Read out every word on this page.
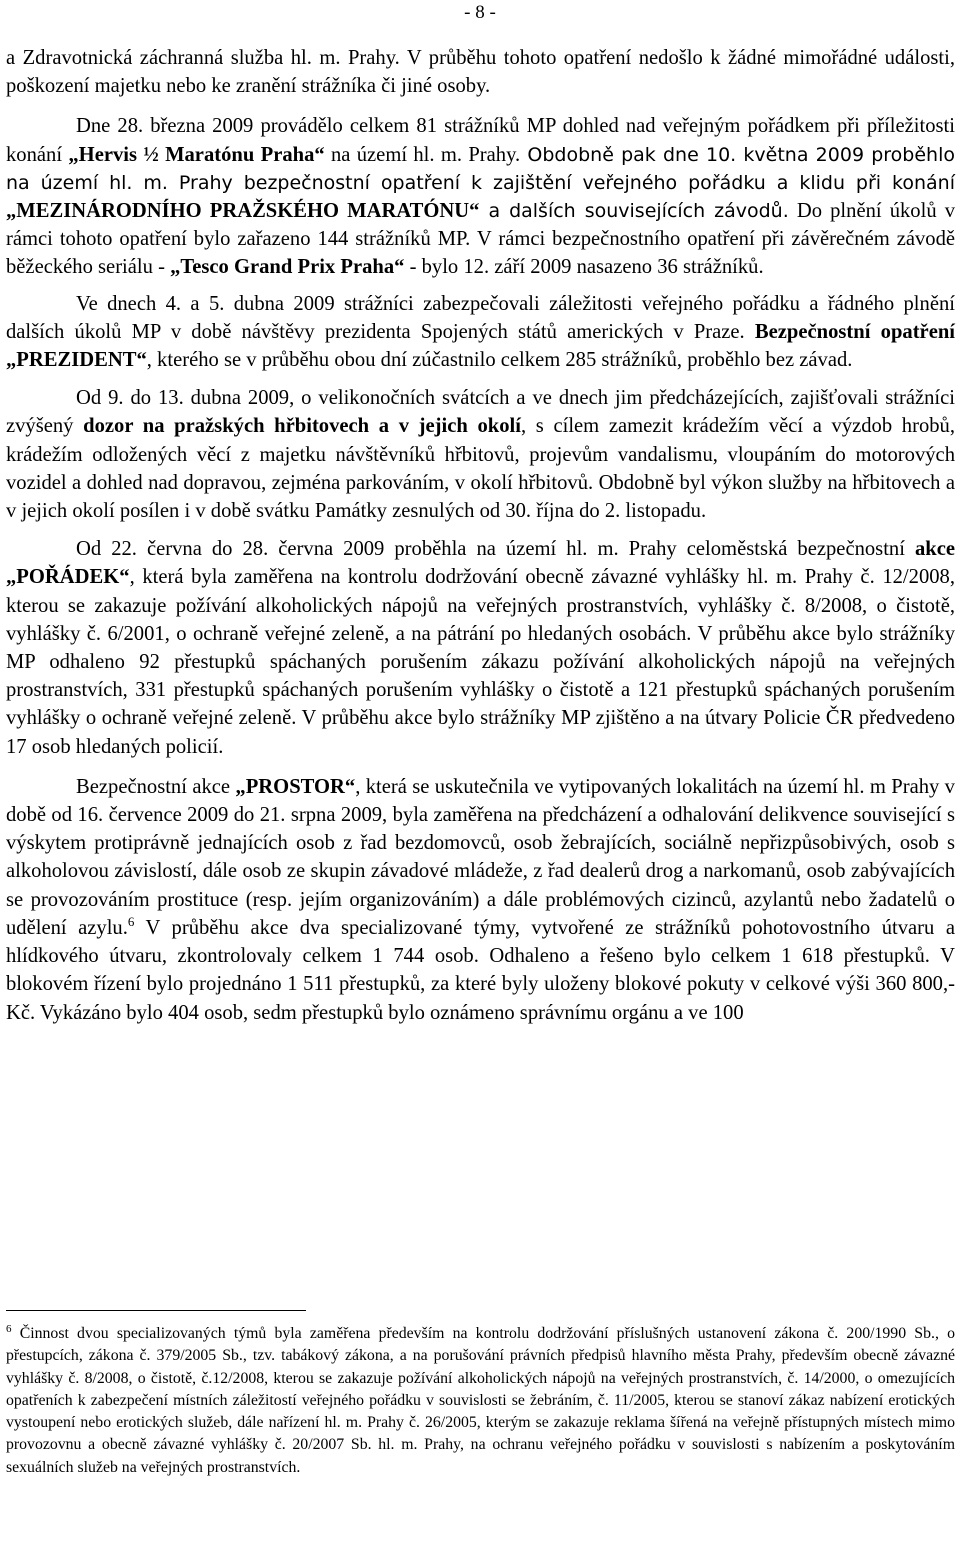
- 8 -

a Zdravotnická záchranná služba hl. m. Prahy. V průběhu tohoto opatření nedošlo k žádné mimořádné události, poškození majetku nebo ke zranění strážníka či jiné osoby.

Dne 28. března 2009 provádělo celkem 81 strážníků MP dohled nad veřejným pořádkem při příležitosti konání „Hervis ½ Maratónu Praha“ na území hl. m. Prahy. Obdobně pak dne 10. května 2009 proběhlo na území hl. m. Prahy bezpečnostní opatření k zajištění veřejného pořádku a klidu při konání „MEZINÁRODNÍHO PRAŽSKÉHO MARATÓNU“ a dalších souvisejících závodů. Do plnění úkolů v rámci tohoto opatření bylo zařazeno 144 strážníků MP. V rámci bezpečnostního opatření při závěrečném závodě běžeckého seriálu - „Tesco Grand Prix Praha“ - bylo 12. září 2009 nasazeno 36 strážníků.

Ve dnech 4. a 5. dubna 2009 strážníci zabezpečovali záležitosti veřejného pořádku a řádného plnění dalších úkolů MP v době návštěvy prezidenta Spojených států amerických v Praze. Bezpečnostní opatření „PREZIDENT“, kterého se v průběhu obou dní zúčastnilo celkem 285 strážníků, proběhlo bez závad.

Od 9. do 13. dubna 2009, o velikonočních svátcích a ve dnech jim předcházejících, zajišťovali strážníci zvýšený dozor na pražských hřbitovech a v jejich okolí, s cílem zamezit krádežím věcí a výzdob hrobů, krádežím odložených věcí z majetku návštěvníků hřbitovů, projevům vandalismu, vloupáním do motorových vozidel a dohled nad dopravou, zejména parkováním, v okolí hřbitovů. Obdobně byl výkon služby na hřbitovech a v jejich okolí posílen i v době svátku Památky zesnulých od 30. října do 2. listopadu.

Od 22. června do 28. června 2009 proběhla na území hl. m. Prahy celoměstská bezpečnostní akce „POŘÁDEK“, která byla zaměřena na kontrolu dodržování obecně závazné vyhlášky hl. m. Prahy č. 12/2008, kterou se zakazuje požívání alkoholických nápojů na veřejných prostranstvích, vyhlášky č. 8/2008, o čistotě, vyhlášky č. 6/2001, o ochraně veřejné zeleně, a na pátrání po hledaných osobách. V průběhu akce bylo strážníky MP odhaleno 92 přestupků spáchaných porušením zákazu požívání alkoholických nápojů na veřejných prostranstvích, 331 přestupků spáchaných porušením vyhlášky o čistotě a 121 přestupků spáchaných porušením vyhlášky o ochraně veřejné zeleně. V průběhu akce bylo strážníky MP zjištěno a na útvary Policie ČR předvedeno 17 osob hledaných policií.

Bezpečnostní akce „PROSTOR“, která se uskutečnila ve vytipovaných lokalitách na území hl. m Prahy v době od 16. července 2009 do 21. srpna 2009, byla zaměřena na předcházení a odhalování delikvence související s výskytem protiprávně jednajících osob z řad bezdomovců, osob žebrajících, sociálně nepřizpůsobivých, osob s alkoholovou závislostí, dále osob ze skupin závadové mládeže, z řad dealerů drog a narkomanů, osob zabývajících se provozováním prostituce (resp. jejím organizováním) a dále problémových cizinců, azylantů nebo žadatelů o udělení azylu.$^6$ V průběhu akce dva specializované týmy, vytvořené ze strážníků pohotovostního útvaru a hlídkového útvaru, zkontrolovaly celkem 1 744 osob. Odhaleno a řešeno bylo celkem 1 618 přestupků. V blokovém řízení bylo projednáno 1 511 přestupků, za které byly uloženy blokové pokuty v celkové výši 360 800,- Kč. Vykázáno bylo 404 osob, sedm přestupků bylo oznámeno správnímu orgánu a ve 100

$^6$ Činnost dvou specializovaných týmů byla zaměřena především na kontrolu dodržování příslušných ustanovení zákona č. 200/1990 Sb., o přestupcích, zákona č. 379/2005 Sb., tzv. tabákový zákona, a na porušování právních předpisů hlavního města Prahy, především obecně závazné vyhlášky č. 8/2008, o čistotě, č.12/2008, kterou se zakazuje požívání alkoholických nápojů na veřejných prostranstvích, č. 14/2000, o omezujících opatřeních k zabezpečení místních záležitostí veřejného pořádku v souvislosti se žebráním, č. 11/2005, kterou se stanoví zákaz nabízení erotických vystoupení nebo erotických služeb, dále nařízení hl. m. Prahy č. 26/2005, kterým se zakazuje reklama šířená na veřejně přístupných místech mimo provozovnu a obecně závazné vyhlášky č. 20/2007 Sb. hl. m. Prahy, na ochranu veřejného pořádku v souvislosti s nabízením a poskytováním sexuálních služeb na veřejných prostranstvích.
